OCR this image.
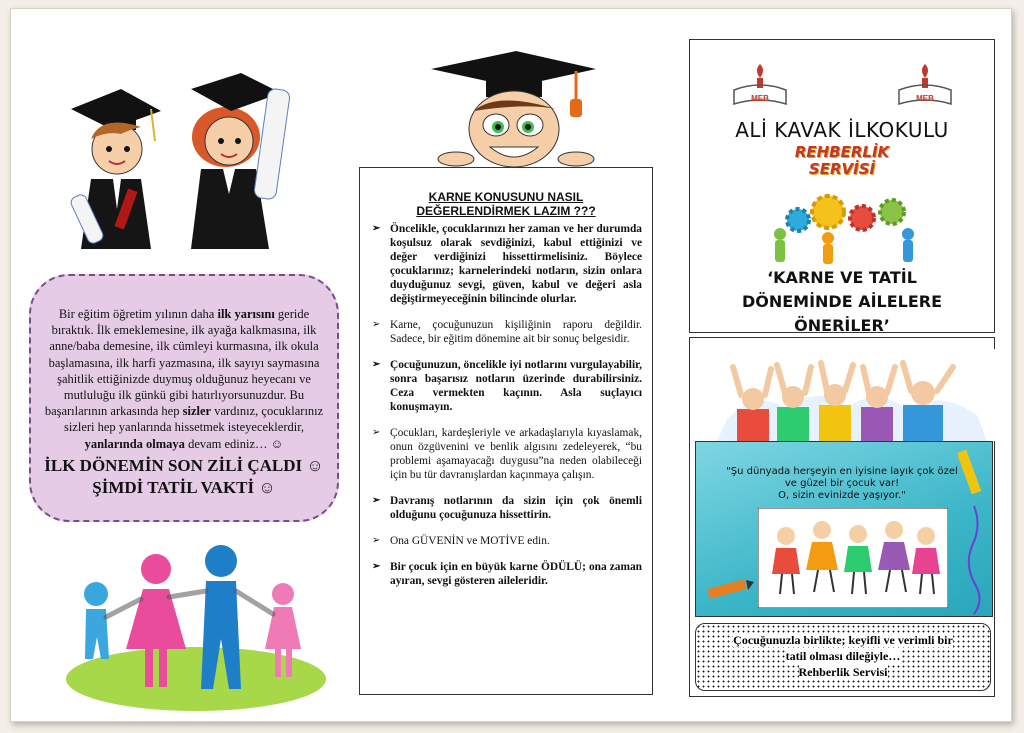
Bir eğitim öğretim yılının daha ilk yarısını geride bıraktık. İlk emeklemesine, ilk ayağa kalkmasına, ilk anne/baba demesine, ilk cümleyi kurmasına, ilk okula başlamasına, ilk harfi yazmasına, ilk sayıyı saymasına şahitlik ettiğinizde duymuş olduğunuz heyecanı ve mutluluğu ilk günkü gibi hatırlıyorsunuzdur. Bu başarılarının arkasında hep sizler vardınız, çocuklarınız sizleri hep yanlarında hissetmek isteyeceklerdir, yanlarında olmaya devam ediniz… ☺
İLK DÖNEMİN SON ZİLİ ÇALDI ☺
ŞİMDİ TATİL VAKTİ ☺
KARNE KONUSUNU NASIL
DEĞERLENDİRMEK LAZIM ???
➢ Öncelikle, çocuklarınızı her zaman ve her durumda koşulsuz olarak sevdiğinizi, kabul ettiğinizi ve değer verdiğinizi hissettirmelisiniz. Böylece çocuklarınız; karnelerindeki notların, sizin onlara duyduğunuz sevgi, güven, kabul ve değeri asla değiştirmeyeceğinin bilincinde olurlar.
➢ Karne, çocuğunuzun kişiliğinin raporu değildir. Sadece, bir eğitim dönemine ait bir sonuç belgesidir.
➢ Çocuğunuzun, öncelikle iyi notlarını vurgulayabilir, sonra başarısız notların üzerinde durabilirsiniz. Ceza vermekten kaçının. Asla suçlayıcı konuşmayın.
➢ Çocukları, kardeşleriyle ve arkadaşlarıyla kıyaslamak, onun özgüvenini ve benlik algısını zedeleyerek, “bu problemi aşamayacağı duygusu”na neden olabileceği için bu tür davranışlardan kaçınmaya çalışın.
➢ Davranış notlarının da sizin için çok önemli olduğunu çocuğunuza hissettirin.
➢ Ona GÜVENİN ve MOTİVE edin.
➢ Bir çocuk için en büyük karne ÖDÜLÜ; ona zaman ayıran, sevgi gösteren aileleridir.
MEB	MEB
ALİ KAVAK İLKOKULU
REHBERLİK
SERVİSİ
‘KARNE VE TATİL
DÖNEMİNDE AİLELERE
ÖNERİLER’
"Şu dünyada herşeyin en iyisine layık çok özel
ve güzel bir çocuk var!
O, sizin evinizde yaşıyor."
Çocuğunuzla birlikte; keyifli ve verimli bir
tatil olması dileğiyle…
Rehberlik Servisi
